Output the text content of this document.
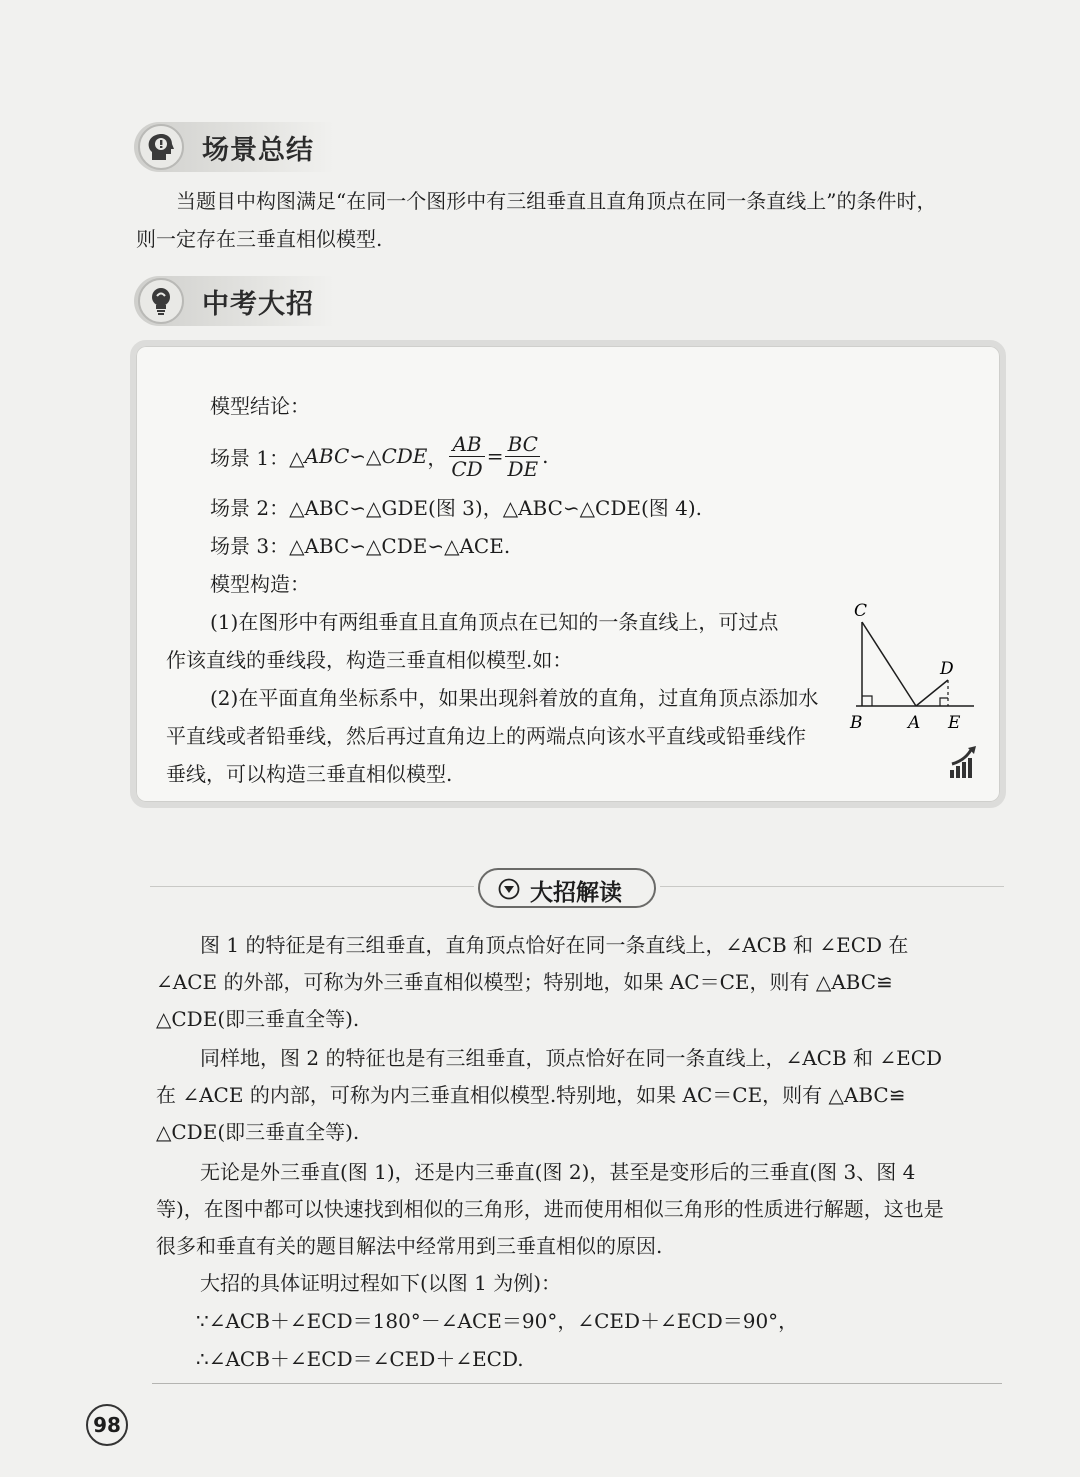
场景总结
当题目中构图满足“在同一个图形中有三组垂直且直角顶点在同一条直线上”的条件时，
则一定存在三垂直相似模型.
中考大招
模型结论：
场景 1：△ ABC ∽△ CDE ， $\frac{AB}{CD} = \frac{BC}{DE}$ .
场景 2：△ABC∽△GDE(图 3)，△ABC∽△CDE(图 4).
场景 3：△ABC∽△CDE∽△ACE.
模型构造：
(1)在图形中有两组垂直且直角顶点在已知的一条直线上，可过点
作该直线的垂线段，构造三垂直相似模型.如：
(2)在平面直角坐标系中，如果出现斜着放的直角，过直角顶点添加水
平直线或者铅垂线，然后再过直角边上的两端点向该水平直线或铅垂线作
垂线，可以构造三垂直相似模型.
C
D
B	A E
大招解读
图 1 的特征是有三组垂直，直角顶点恰好在同一条直线上，∠ACB 和 ∠ECD 在
∠ACE 的外部，可称为外三垂直相似模型；特别地，如果 AC＝CE，则有 △ABC≌
△CDE(即三垂直全等).
同样地，图 2 的特征也是有三组垂直，顶点恰好在同一条直线上，∠ACB 和 ∠ECD
在 ∠ACE 的内部，可称为内三垂直相似模型.特别地，如果 AC＝CE，则有 △ABC≌
△CDE(即三垂直全等).
无论是外三垂直(图 1)，还是内三垂直(图 2)，甚至是变形后的三垂直(图 3、图 4
等)，在图中都可以快速找到相似的三角形，进而使用相似三角形的性质进行解题，这也是
很多和垂直有关的题目解法中经常用到三垂直相似的原因.
大招的具体证明过程如下(以图 1 为例)：
∵∠ACB＋∠ECD＝180°－∠ACE＝90°，∠CED＋∠ECD＝90°，
∴∠ACB＋∠ECD＝∠CED＋∠ECD.
98
